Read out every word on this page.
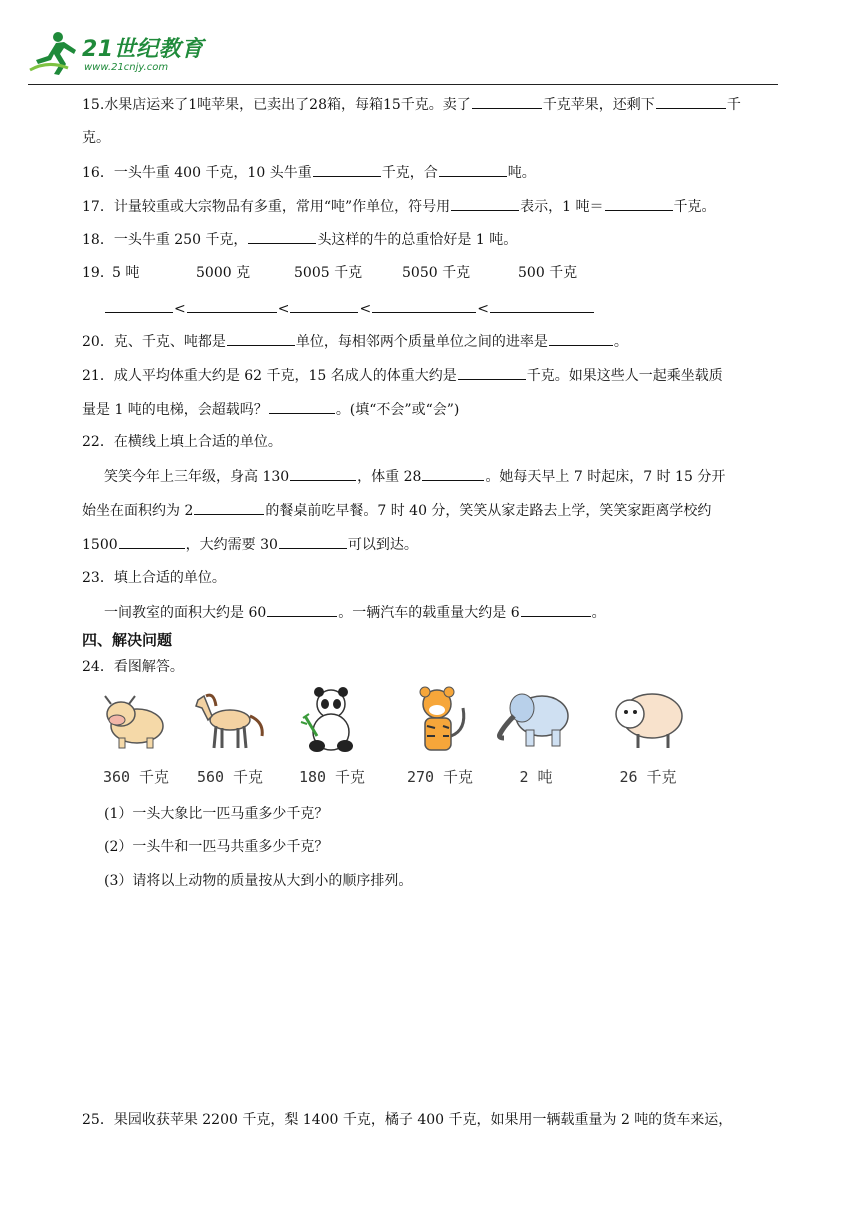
21世纪教育
www.21cnjy.com
15.水果店运来了1吨苹果，已卖出了28箱，每箱15千克。卖了	千克苹果，还剩下	千
克。
16．一头牛重 400 千克，10 头牛重	千克，合	吨。
17．计量较重或大宗物品有多重，常用“吨”作单位，符号用	表示，1 吨＝	千克。
18．一头牛重 250 千克，	头这样的牛的总重恰好是 1 吨。
19．
5 吨	5000 克	5005 千克	5050 千克	500 千克
<	<	<	<
20．克、千克、吨都是	单位，每相邻两个质量单位之间的进率是	。
21．成人平均体重大约是 62 千克，15 名成人的体重大约是	千克。如果这些人一起乘坐载质
量是 1 吨的电梯，会超载吗？	。(填“不会”或“会”)
22．在横线上填上合适的单位。
笑笑今年上三年级，身高 130	，体重 28	。她每天早上 7 时起床，7 时 15 分开
始坐在面积约为 2	的餐桌前吃早餐。7 时 40 分，笑笑从家走路去上学，笑笑家距离学校约
1500	，大约需要 30	可以到达。
23．填上合适的单位。
一间教室的面积大约是 60	。一辆汽车的载重量大约是 6	。
四、解决问题
24．看图解答。
360 千克	560 千克	180 千克	270 千克	2 吨	26 千克
(1）一头大象比一匹马重多少千克？
(2）一头牛和一匹马共重多少千克？
(3）请将以上动物的质量按从大到小的顺序排列。
25．果园收获苹果 2200 千克，梨 1400 千克，橘子 400 千克，如果用一辆载重量为 2 吨的货车来运，
